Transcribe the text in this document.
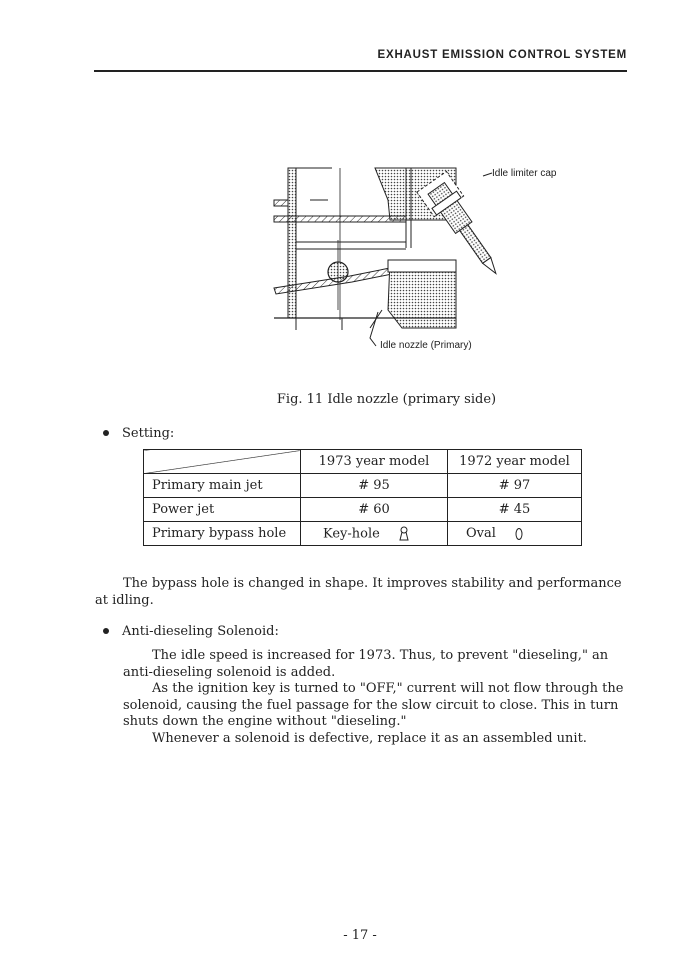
EXHAUST EMISSION CONTROL SYSTEM
Idle limiter cap
Idle nozzle (Primary)
Fig. 11 Idle nozzle (primary side)
Setting:
	1973 year model	1972 year model
Primary main jet	# 95	# 97
Power jet	# 60	# 45
Primary bypass hole	Key-hole	Oval
The bypass hole is changed in shape. It improves stability and performance
at idling.
Anti-dieseling Solenoid:
The idle speed is increased for 1973. Thus, to prevent "dieseling," an
anti-dieseling solenoid is added.
As the ignition key is turned to "OFF," current will not flow through the
solenoid, causing the fuel passage for the slow circuit to close. This in turn
shuts down the engine without "dieseling."
Whenever a solenoid is defective, replace it as an assembled unit.
- 17 -
